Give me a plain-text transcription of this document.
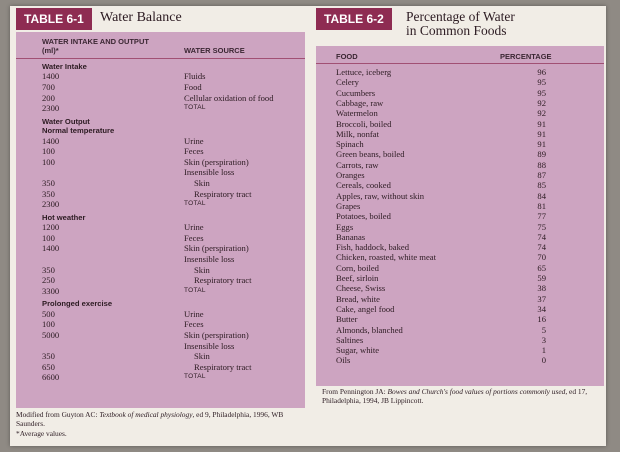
TABLE 6-1	Water Balance
WATER INTAKE AND OUTPUT (ml)*	WATER SOURCE
Water Intake
1400	Fluids
700	Food
200	Cellular oxidation of food
2300	TOTAL
Water Output
Normal temperature
1400	Urine
100	Feces
100	Skin (perspiration)
Insensible loss
350	Skin
350	Respiratory tract
2300	TOTAL
Hot weather
1200	Urine
100	Feces
1400	Skin (perspiration)
Insensible loss
350	Skin
250	Respiratory tract
3300	TOTAL
Prolonged exercise
500	Urine
100	Feces
5000	Skin (perspiration)
Insensible loss
350	Skin
650	Respiratory tract
6600	TOTAL
Modified from Guyton AC: Textbook of medical physiology, ed 9, Philadelphia, 1996, WB Saunders.
*Average values.
TABLE 6-2	Percentage of Water
in Common Foods
FOOD	PERCENTAGE
Lettuce, iceberg	96
Celery	95
Cucumbers	95
Cabbage, raw	92
Watermelon	92
Broccoli, boiled	91
Milk, nonfat	91
Spinach	91
Green beans, boiled	89
Carrots, raw	88
Oranges	87
Cereals, cooked	85
Apples, raw, without skin	84
Grapes	81
Potatoes, boiled	77
Eggs	75
Bananas	74
Fish, haddock, baked	74
Chicken, roasted, white meat	70
Corn, boiled	65
Beef, sirloin	59
Cheese, Swiss	38
Bread, white	37
Cake, angel food	34
Butter	16
Almonds, blanched	5
Saltines	3
Sugar, white	1
Oils	0
From Pennington JA: Bowes and Church's food values of portions commonly used, ed 17, Philadelphia, 1994, JB Lippincott.
